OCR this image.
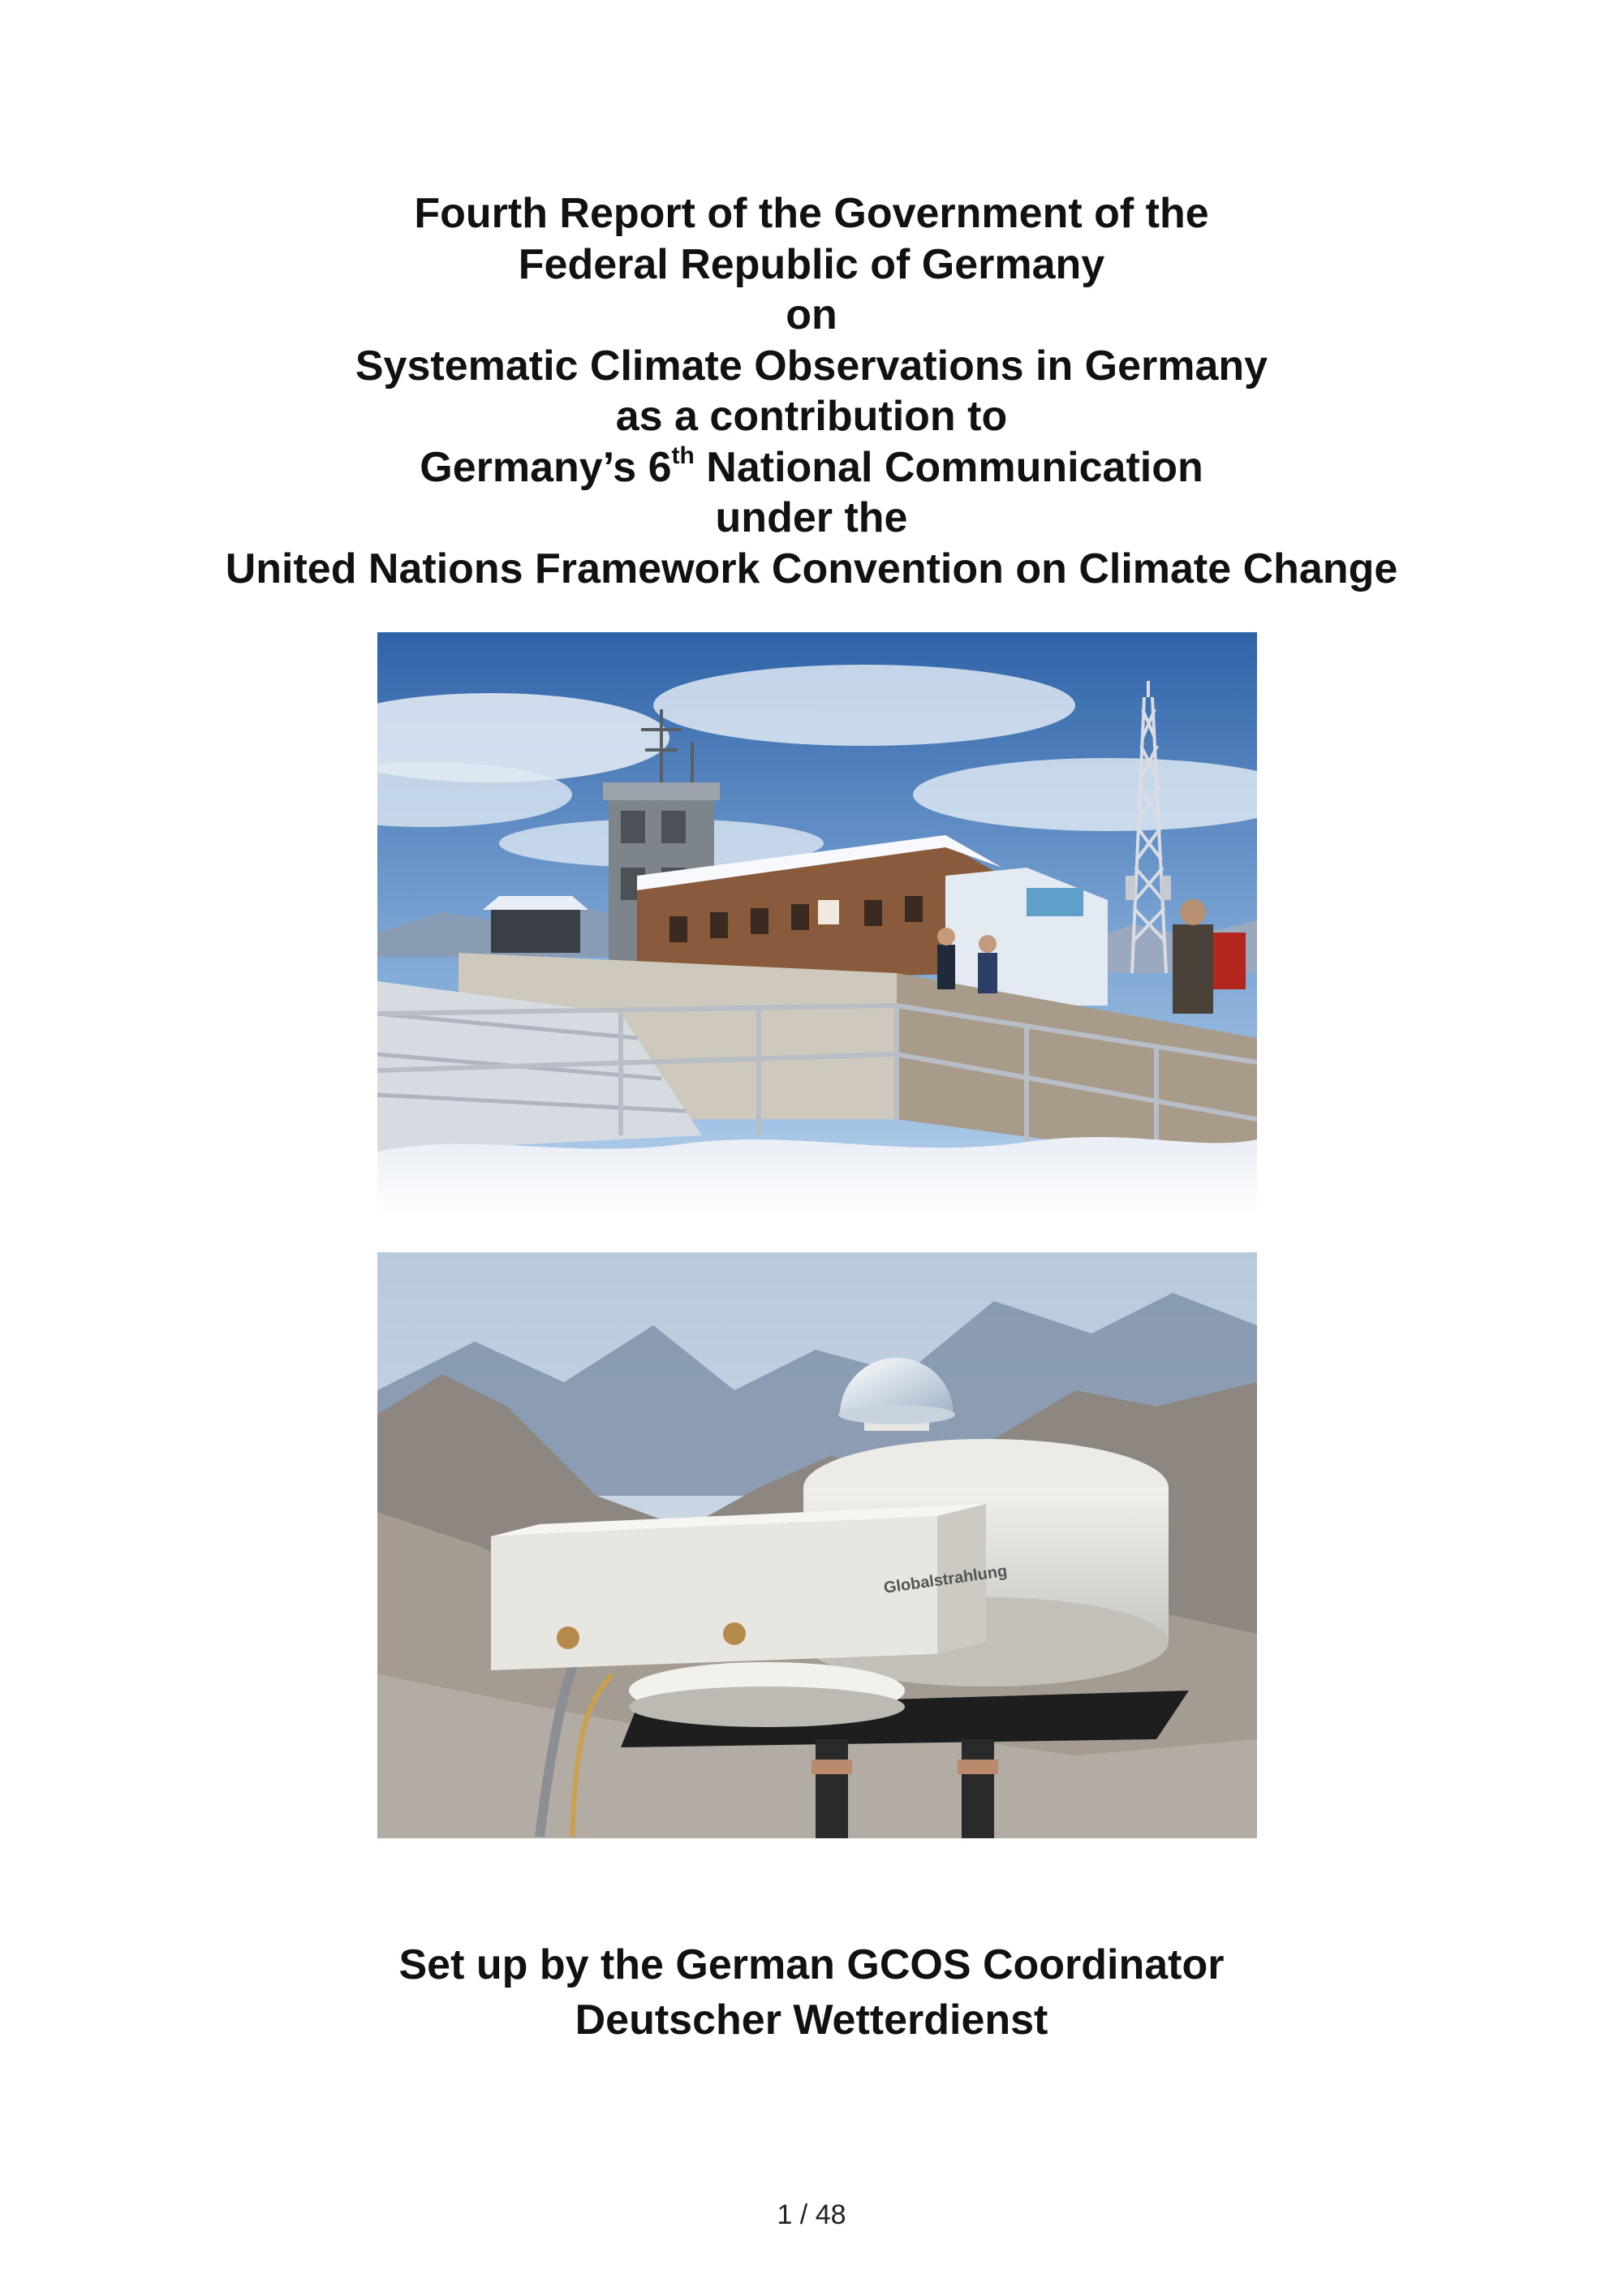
Fourth Report of the Government of the
Federal Republic of Germany
on
Systematic Climate Observations in Germany
as a contribution to
Germany’s 6th National Communication
under the
United Nations Framework Convention on Climate Change
Globalstrahlung
Set up by the German GCOS Coordinator
Deutscher Wetterdienst
1 / 48
